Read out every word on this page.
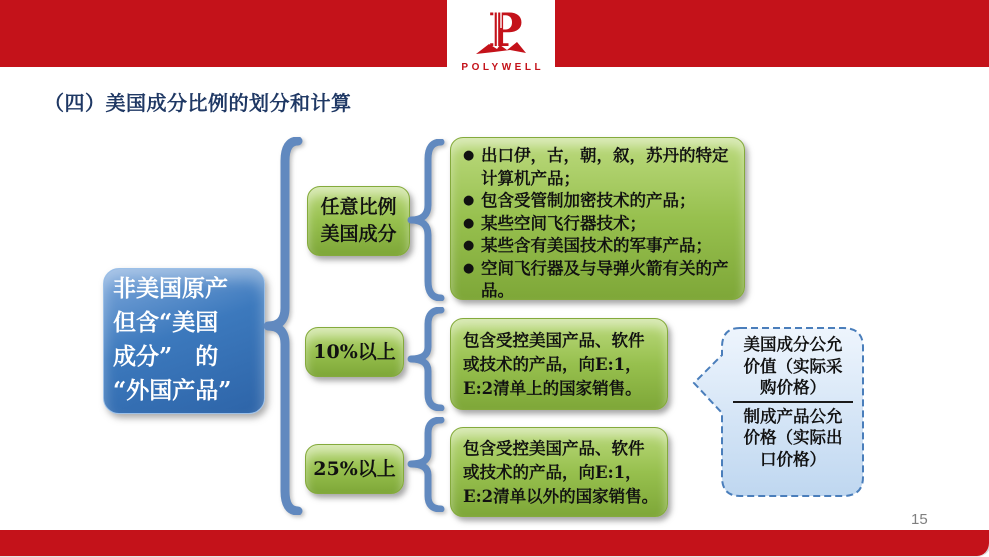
P
POLYWELL
（四）美国成分比例的划分和计算
非美国原产
但含“美国
成分”　的
“外国产品”
任意比例
美国成分
10%以上
25%以上
●
出口伊，古，朝，叙，苏丹的特定计算机产品；
●
包含受管制加密技术的产品；
●
某些空间飞行器技术；
●
某些含有美国技术的军事产品；
●
空间飞行器及与导弹火箭有关的产品。
包含受控美国产品、软件
或技术的产品，向E:1，
E:2清单上的国家销售。
包含受控美国产品、软件
或技术的产品，向E:1，
E:2清单以外的国家销售。
美国成分公允
价值（实际采
购价格）
制成产品公允
价格（实际出
口价格）
15
